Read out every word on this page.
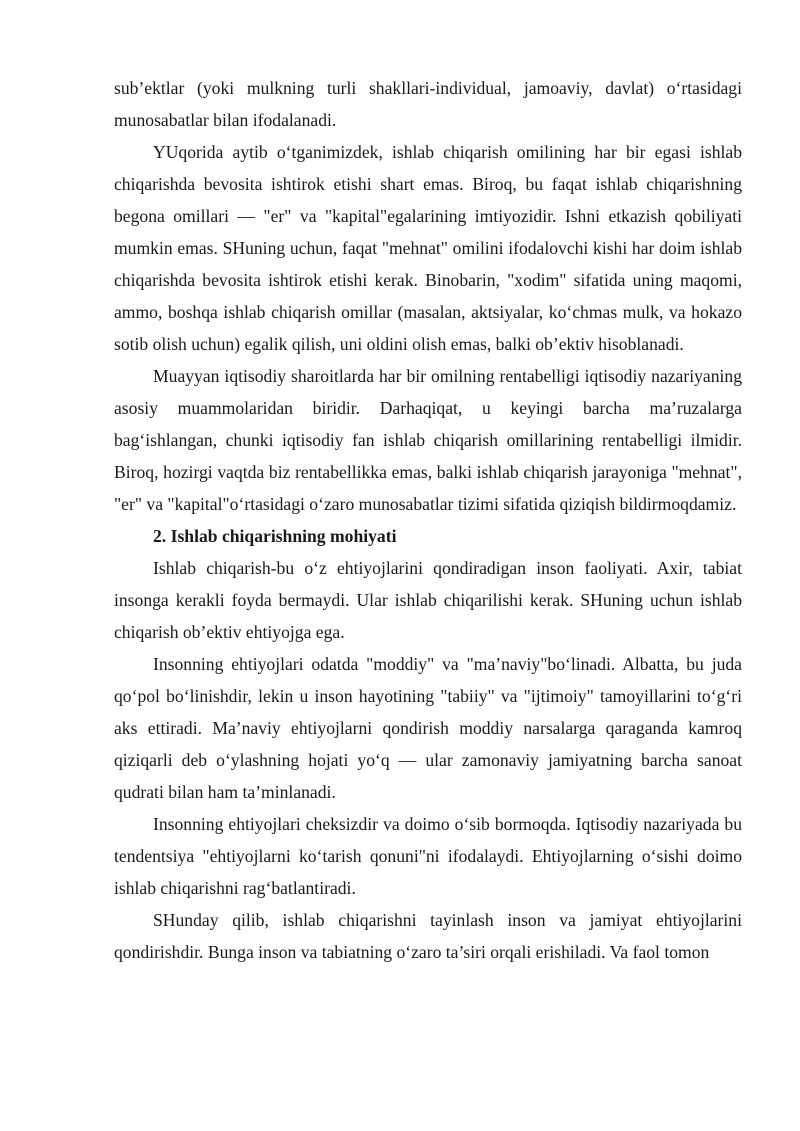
sub’ektlar (yoki mulkning turli shakllari-individual, jamoaviy, davlat) o‘rtasidagi munosabatlar bilan ifodalanadi.

YUqorida aytib o‘tganimizdek, ishlab chiqarish omilining har bir egasi ishlab chiqarishda bevosita ishtirok etishi shart emas. Biroq, bu faqat ishlab chiqarishning begona omillari — "er" va "kapital"egalarining imtiyozidir. Ishni etkazish qobiliyati mumkin emas. SHuning uchun, faqat "mehnat" omilini ifodalovchi kishi har doim ishlab chiqarishda bevosita ishtirok etishi kerak. Binobarin, "xodim" sifatida uning maqomi, ammo, boshqa ishlab chiqarish omillar (masalan, aktsiyalar, ko‘chmas mulk, va hokazo sotib olish uchun) egalik qilish, uni oldini olish emas, balki ob’ektiv hisoblanadi.

Muayyan iqtisodiy sharoitlarda har bir omilning rentabelligi iqtisodiy nazariyaning asosiy muammolaridan biridir. Darhaqiqat, u keyingi barcha ma’ruzalarga bag‘ishlangan, chunki iqtisodiy fan ishlab chiqarish omillarining rentabelligi ilmidir. Biroq, hozirgi vaqtda biz rentabellikka emas, balki ishlab chiqarish jarayoniga "mehnat", "er" va "kapital"o‘rtasidagi o‘zaro munosabatlar tizimi sifatida qiziqish bildirmoqdamiz.

2. Ishlab chiqarishning mohiyati

Ishlab chiqarish-bu o‘z ehtiyojlarini qondiradigan inson faoliyati. Axir, tabiat insonga kerakli foyda bermaydi. Ular ishlab chiqarilishi kerak. SHuning uchun ishlab chiqarish ob’ektiv ehtiyojga ega.

Insonning ehtiyojlari odatda "moddiy" va "ma’naviy"bo‘linadi. Albatta, bu juda qo‘pol bo‘linishdir, lekin u inson hayotining "tabiiy" va "ijtimoiy" tamoyillarini to‘g‘ri aks ettiradi. Ma’naviy ehtiyojlarni qondirish moddiy narsalarga qaraganda kamroq qiziqarli deb o‘ylashning hojati yo‘q — ular zamonaviy jamiyatning barcha sanoat qudrati bilan ham ta’minlanadi.

Insonning ehtiyojlari cheksizdir va doimo o‘sib bormoqda. Iqtisodiy nazariyada bu tendentsiya "ehtiyojlarni ko‘tarish qonuni"ni ifodalaydi. Ehtiyojlarning o‘sishi doimo ishlab chiqarishni rag‘batlantiradi.

SHunday qilib, ishlab chiqarishni tayinlash inson va jamiyat ehtiyojlarini qondirishdir. Bunga inson va tabiatning o‘zaro ta’siri orqali erishiladi. Va faol tomon
